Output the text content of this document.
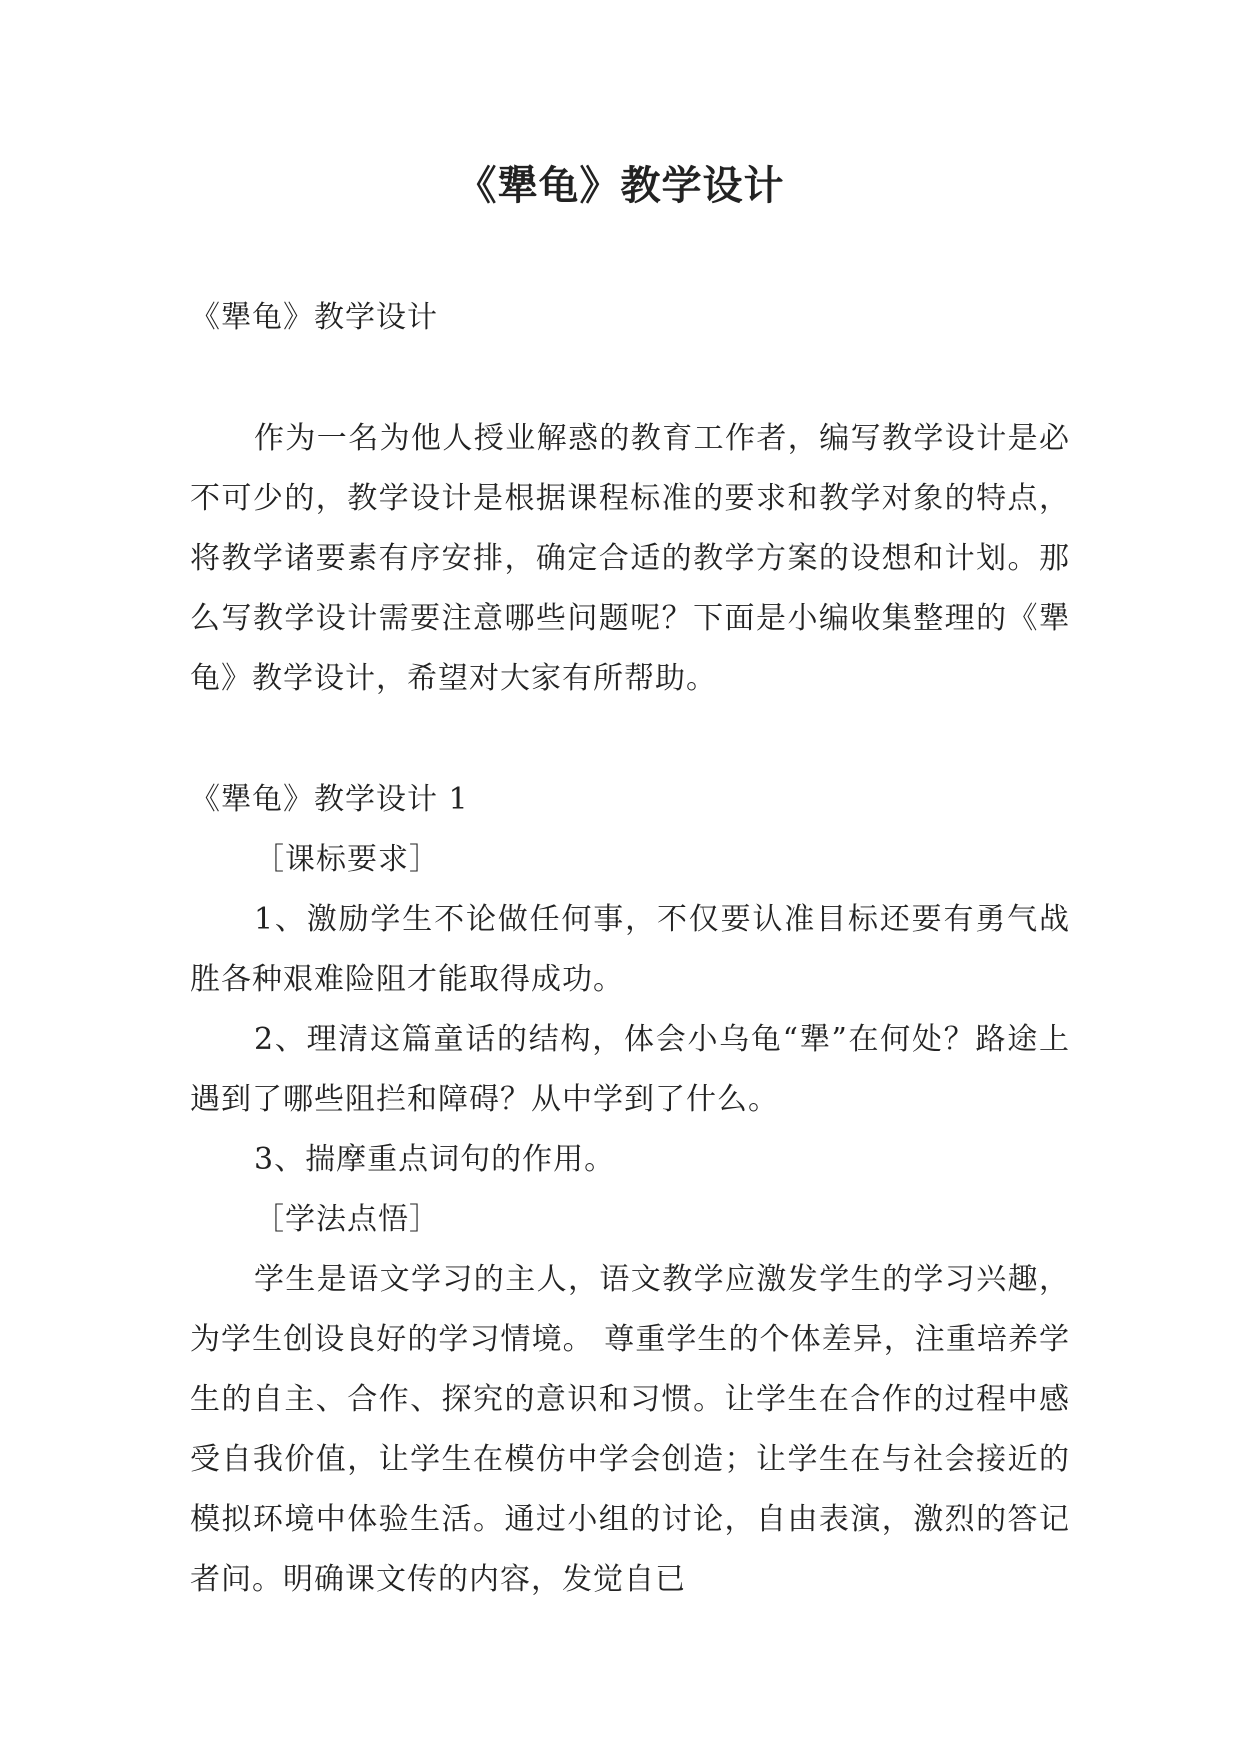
《犟龟》教学设计

《犟龟》教学设计

作为一名为他人授业解惑的教育工作者，编写教学设计是必不可少的，教学设计是根据课程标准的要求和教学对象的特点，将教学诸要素有序安排，确定合适的教学方案的设想和计划。那么写教学设计需要注意哪些问题呢？下面是小编收集整理的《犟龟》教学设计，希望对大家有所帮助。

《犟龟》教学设计 1

［课标要求］

1、激励学生不论做任何事，不仅要认准目标还要有勇气战胜各种艰难险阻才能取得成功。

2、理清这篇童话的结构，体会小乌龟“犟”在何处？路途上遇到了哪些阻拦和障碍？从中学到了什么。

3、揣摩重点词句的作用。

［学法点悟］

学生是语文学习的主人，语文教学应激发学生的学习兴趣，为学生创设良好的学习情境。 尊重学生的个体差异，注重培养学生的自主、合作、探究的意识和习惯。让学生在合作的过程中感受自我价值，让学生在模仿中学会创造；让学生在与社会接近的模拟环境中体验生活。通过小组的讨论，自由表演，激烈的答记者问。明确课文传的内容，发觉自已
